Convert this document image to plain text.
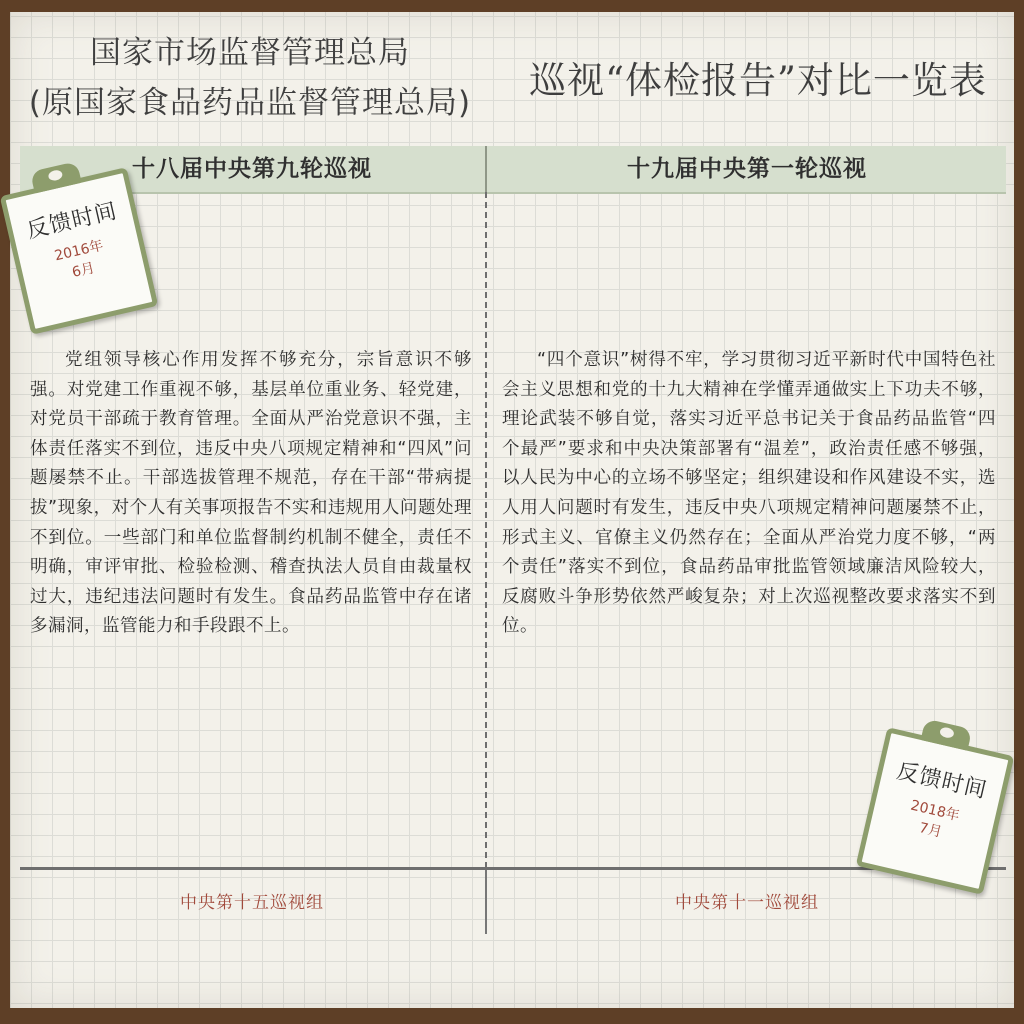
国家市场监督管理总局
(原国家食品药品监督管理总局)
巡视“体检报告”对比一览表
十八届中央第九轮巡视	十九届中央第一轮巡视
党组领导核心作用发挥不够充分，宗旨意识不够强。对党建工作重视不够，基层单位重业务、轻党建，对党员干部疏于教育管理。全面从严治党意识不强，主体责任落实不到位，违反中央八项规定精神和“四风”问题屡禁不止。干部选拔管理不规范，存在干部“带病提拔”现象，对个人有关事项报告不实和违规用人问题处理不到位。一些部门和单位监督制约机制不健全，责任不明确，审评审批、检验检测、稽查执法人员自由裁量权过大，违纪违法问题时有发生。食品药品监管中存在诸多漏洞，监管能力和手段跟不上。
“四个意识”树得不牢，学习贯彻习近平新时代中国特色社会主义思想和党的十九大精神在学懂弄通做实上下功夫不够，理论武装不够自觉，落实习近平总书记关于食品药品监管“四个最严”要求和中央决策部署有“温差”，政治责任感不够强，以人民为中心的立场不够坚定；组织建设和作风建设不实，选人用人问题时有发生，违反中央八项规定精神问题屡禁不止，形式主义、官僚主义仍然存在；全面从严治党力度不够，“两个责任”落实不到位，食品药品审批监管领域廉洁风险较大，反腐败斗争形势依然严峻复杂；对上次巡视整改要求落实不到位。
中央第十五巡视组	中央第十一巡视组
反馈时间
2016年
6月
反馈时间
2018年
7月
